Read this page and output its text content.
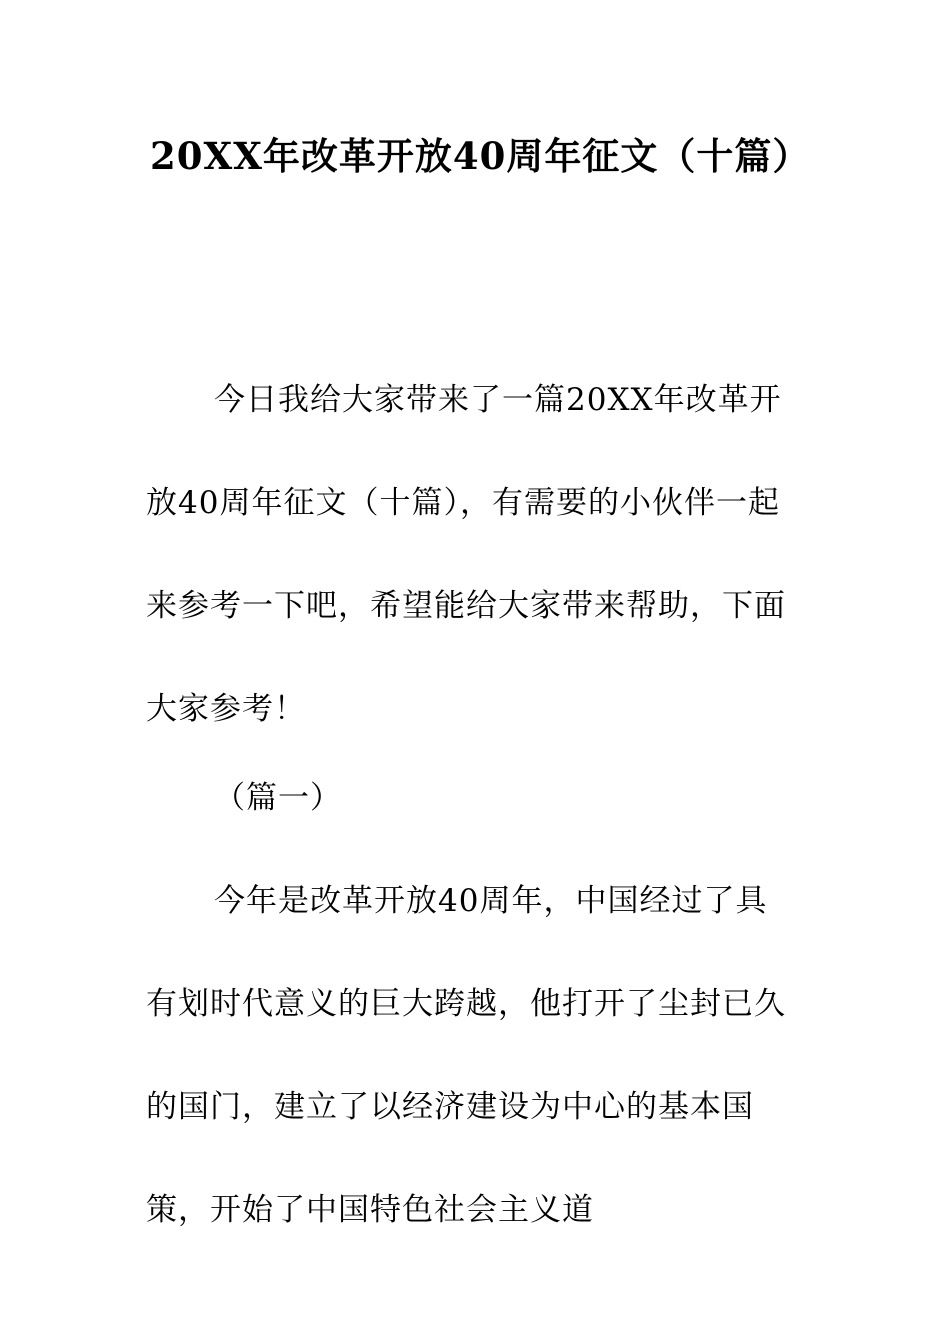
20XX年改革开放40周年征文（十篇）
今日我给大家带来了一篇20XX年改革开放40周年征文（十篇），有需要的小伙伴一起来参考一下吧，希望能给大家带来帮助，下面大家参考！
（篇一）
今年是改革开放40周年，中国经过了具有划时代意义的巨大跨越，他打开了尘封已久的国门，建立了以经济建设为中心的基本国策，开始了中国特色社会主义道
